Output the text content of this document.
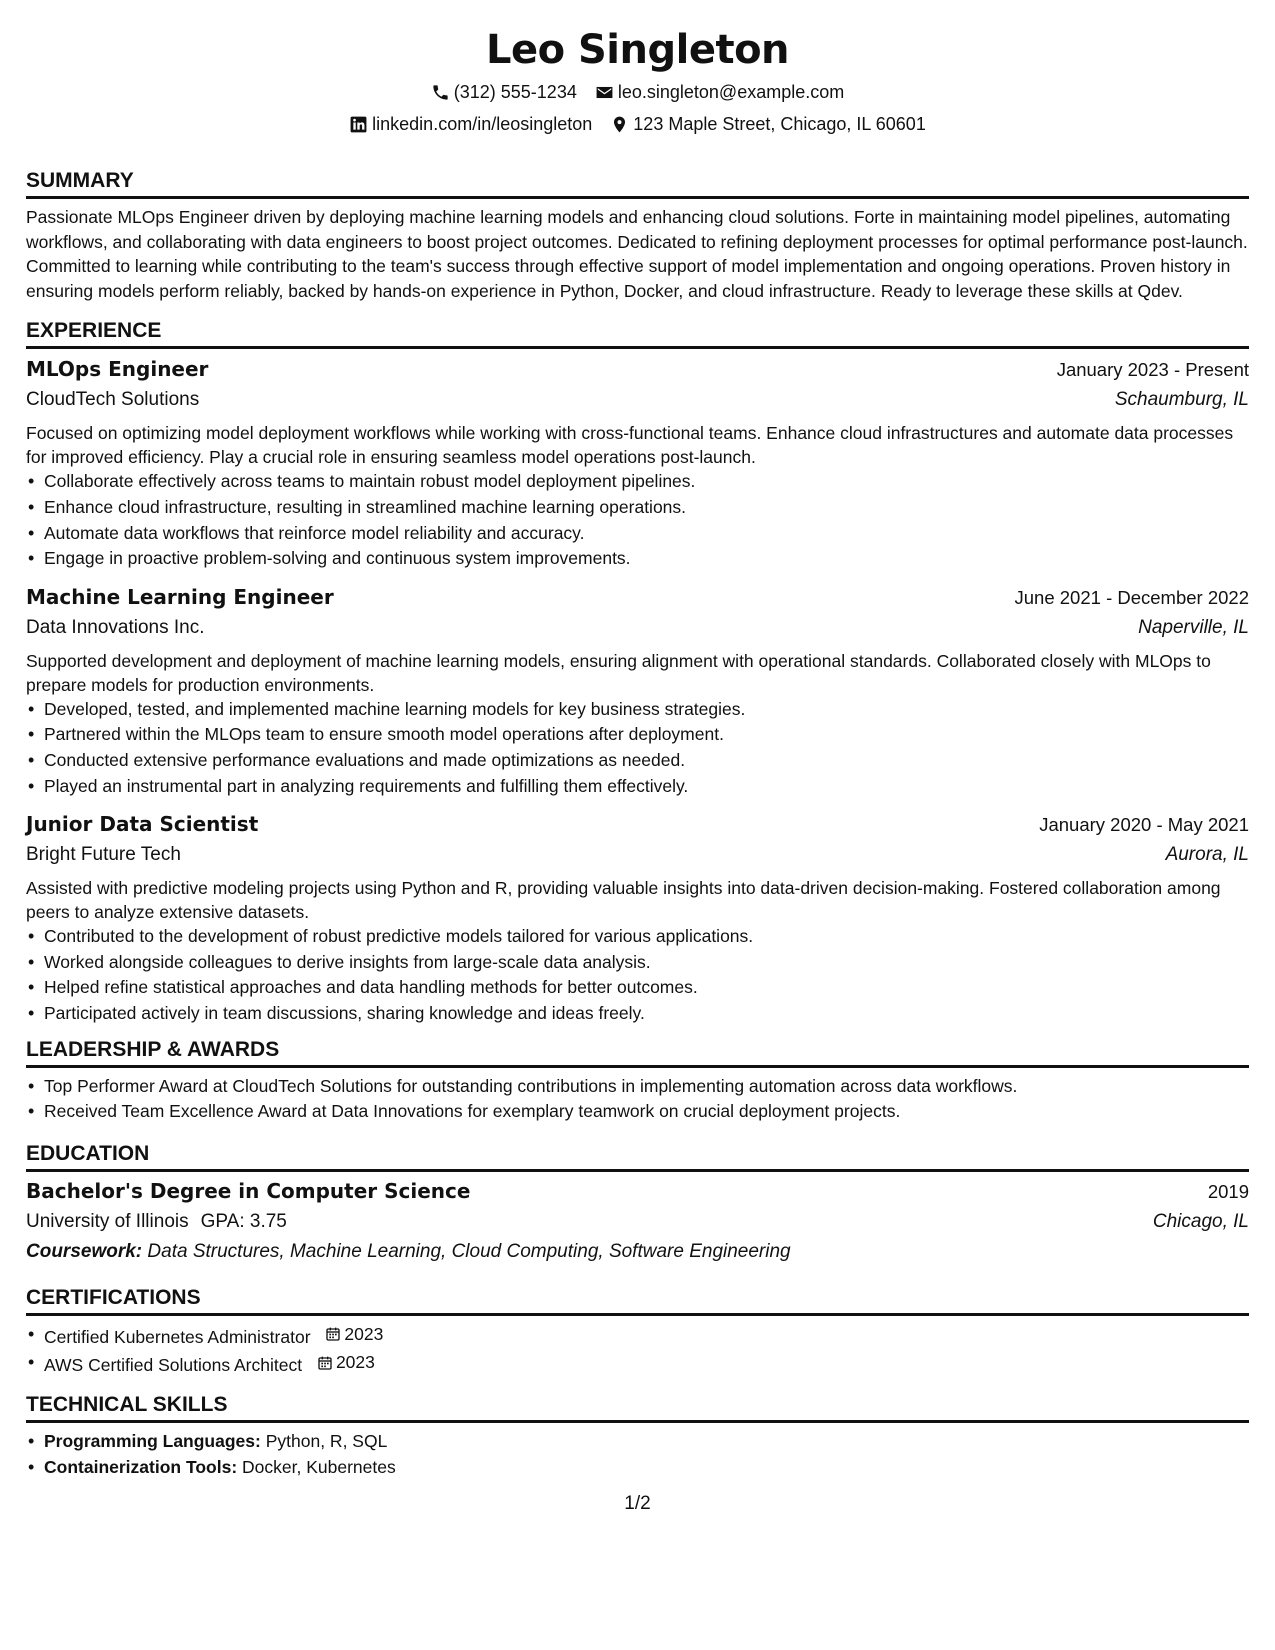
Leo Singleton
(312) 555-1234 leo.singleton@example.com
linkedin.com/in/leosingleton 123 Maple Street, Chicago, IL 60601
SUMMARY

Passionate MLOps Engineer driven by deploying machine learning models and enhancing cloud solutions. Forte in maintaining model pipelines, automating workflows, and collaborating with data engineers to boost project outcomes. Dedicated to refining deployment processes for optimal performance post-launch. Committed to learning while contributing to the team's success through effective support of model implementation and ongoing operations. Proven history in ensuring models perform reliably, backed by hands-on experience in Python, Docker, and cloud infrastructure. Ready to leverage these skills at Qdev.

EXPERIENCE
MLOps Engineer	January 2023 - Present
CloudTech Solutions	Schaumburg, IL
Focused on optimizing model deployment workflows while working with cross-functional teams. Enhance cloud infrastructures and automate data processes for improved efficiency. Play a crucial role in ensuring seamless model operations post-launch.
• Collaborate effectively across teams to maintain robust model deployment pipelines.
• Enhance cloud infrastructure, resulting in streamlined machine learning operations.
• Automate data workflows that reinforce model reliability and accuracy.
• Engage in proactive problem-solving and continuous system improvements.
Machine Learning Engineer	June 2021 - December 2022
Data Innovations Inc.	Naperville, IL
Supported development and deployment of machine learning models, ensuring alignment with operational standards. Collaborated closely with MLOps to prepare models for production environments.
• Developed, tested, and implemented machine learning models for key business strategies.
• Partnered within the MLOps team to ensure smooth model operations after deployment.
• Conducted extensive performance evaluations and made optimizations as needed.
• Played an instrumental part in analyzing requirements and fulfilling them effectively.
Junior Data Scientist	January 2020 - May 2021
Bright Future Tech	Aurora, IL
Assisted with predictive modeling projects using Python and R, providing valuable insights into data-driven decision-making. Fostered collaboration among peers to analyze extensive datasets.
• Contributed to the development of robust predictive models tailored for various applications.
• Worked alongside colleagues to derive insights from large-scale data analysis.
• Helped refine statistical approaches and data handling methods for better outcomes.
• Participated actively in team discussions, sharing knowledge and ideas freely.
LEADERSHIP & AWARDS
• Top Performer Award at CloudTech Solutions for outstanding contributions in implementing automation across data workflows.
• Received Team Excellence Award at Data Innovations for exemplary teamwork on crucial deployment projects.
EDUCATION
Bachelor's Degree in Computer Science	2019
University of Illinois GPA: 3.75	Chicago, IL
Coursework: Data Structures, Machine Learning, Cloud Computing, Software Engineering
CERTIFICATIONS
• Certified Kubernetes Administrator 2023
• AWS Certified Solutions Architect 2023
TECHNICAL SKILLS
• Programming Languages: Python, R, SQL
• Containerization Tools: Docker, Kubernetes
1/2
